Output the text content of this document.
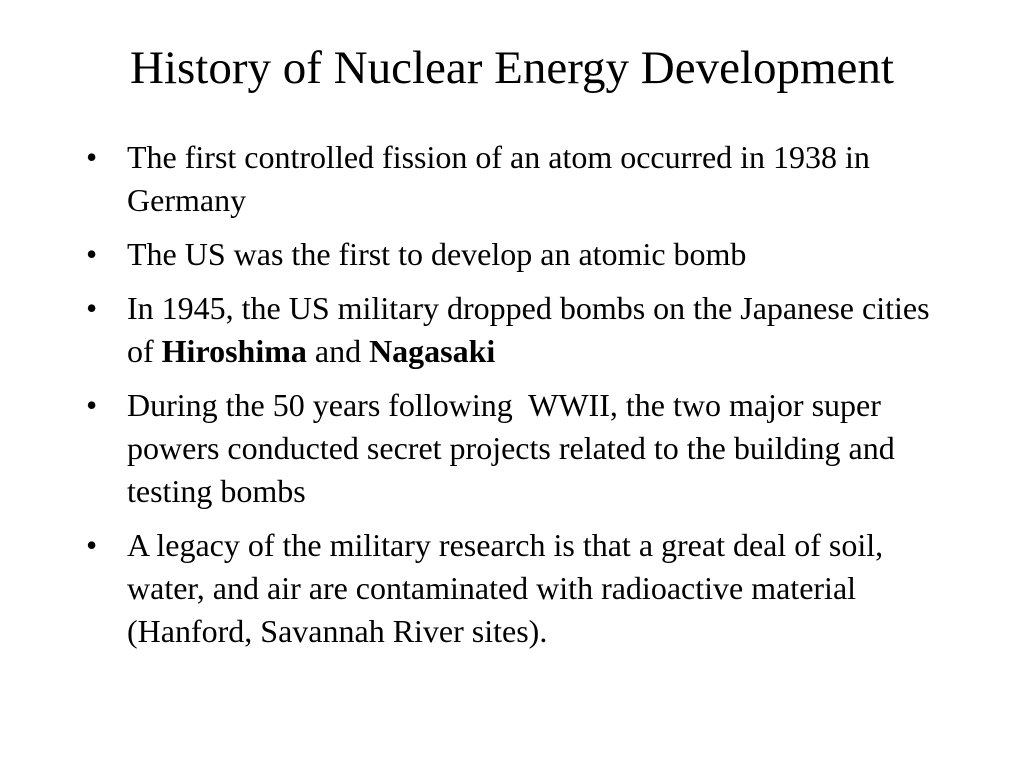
History of Nuclear Energy Development
• The first controlled fission of an atom occurred in 1938 in Germany
• The US was the first to develop an atomic bomb
• In 1945, the US military dropped bombs on the Japanese cities of Hiroshima and Nagasaki
• During the 50 years following  WWII, the two major super powers conducted secret projects related to the building and testing bombs
• A legacy of the military research is that a great deal of soil, water, and air are contaminated with radioactive material (Hanford, Savannah River sites).
